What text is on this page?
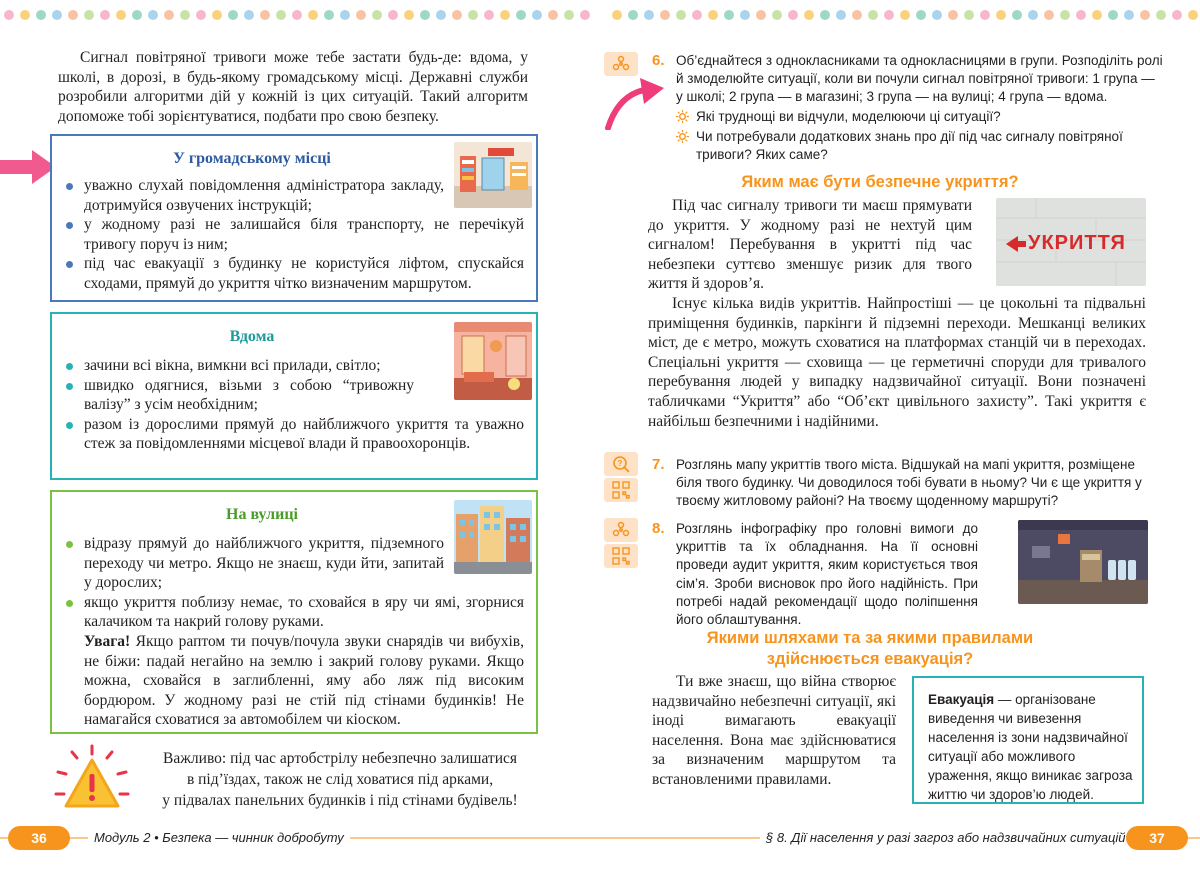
Сигнал повітряної тривоги може тебе застати будь-де: вдома, у школі, в дорозі, в будь-якому громадському місці. Державні служби розробили алгоритми дій у кожній із цих ситуацій. Такий алгоритм допоможе тобі зорієнтуватися, подбати про свою безпеку.

У громадському місці
уважно слухай повідомлення адміністратора закладу, дотримуйся озвучених інструкцій;
у жодному разі не залишайся біля транспорту, не перечікуй тривогу поруч із ним;
під час евакуації з будинку не користуйся ліфтом, спускайся сходами, прямуй до укриття чітко визначеним маршрутом.
Вдома
зачини всі вікна, вимкни всі прилади, світло;
швидко одягнися, візьми з собою “тривожну валізу” з усім необхідним;
разом із дорослими прямуй до найближчого укриття та уважно стеж за повідомленнями місцевої влади й правоохоронців.
На вулиці
відразу прямуй до найближчого укриття, підземного переходу чи метро. Якщо не знаєш, куди йти, запитай у дорослих;
якщо укриття поблизу немає, то сховайся в яру чи ямі, згорнися калачиком та накрий голову руками.

Увага! Якщо раптом ти почув/почула звуки снарядів чи вибухів, не біжи: падай негайно на землю і закрий голову руками. Якщо можна, сховайся в заглибленні, яму або ляж під високим бордюром. У жодному разі не стій під стінами будинків! Не намагайся сховатися за автомобілем чи кіоском.

Важливо: під час артобстрілу небезпечно залишатися
в під’їздах, також не слід ховатися під арками,
у підвалах панельних будинків і під стінами будівель!
36	Модуль 2 • Безпека — чинник добробуту
6. Об’єднайтеся з однокласниками та однокласницями в групи. Розподіліть ролі й змоделюйте ситуації, коли ви почули сигнал повітряної тривоги: 1 група — у школі; 2 група — в магазині; 3 група — на вулиці; 4 група — вдома.

Які труднощі ви відчули, моделюючи ці ситуації?
Чи потребували додаткових знань про дії під час сигналу повітряної тривоги? Яких саме?
Яким має бути безпечне укриття?
УКРИТТЯ

Під час сигналу тривоги ти маєш прямувати до укриття. У жодному разі не нехтуй цим сигналом! Перебування в укритті під час небезпеки суттєво зменшує ризик для твого життя й здоров’я.

Існує кілька видів укриттів. Найпростіші — це цокольні та підвальні приміщення будинків, паркінги й підземні переходи. Мешканці великих міст, де є метро, можуть сховатися на платформах станцій чи в переходах. Спеціальні укриття — сховища — це герметичні споруди для тривалого перебування людей у випадку надзвичайної ситуації. Вони позначені табличками “Укриття” або “Об’єкт цивільного захисту”. Такі укриття є найбільш безпечними і надійними.

? 7. Розглянь мапу укриттів твого міста. Відшукай на мапі укриття, розміщене біля твого будинку. Чи доводилося тобі бувати в ньому? Чи є ще укриття у твоєму житловому районі? На твоєму щоденному маршруті?

8. Розглянь інфографіку про головні вимоги до укриттів та їх обладнання. На її основні проведи аудит укриття, яким користується твоя сім’я. Зроби висновок про його надійність. При потребі надай рекомендації щодо поліпшення його облаштування.

Якими шляхами та за якими правилами
здійснюється евакуація?

Ти вже знаєш, що війна створює надзвичайно небезпечні ситуації, які іноді вимагають евакуації населення. Вона має здійснюватися за визначеним маршрутом та встановленими правилами.

Евакуація — організоване виведення чи вивезення населення із зони надзвичайної ситуації або можливого ураження, якщо виникає загроза життю чи здоров’ю людей.

§ 8. Дії населення у разі загроз або надзвичайних ситуацій	37
